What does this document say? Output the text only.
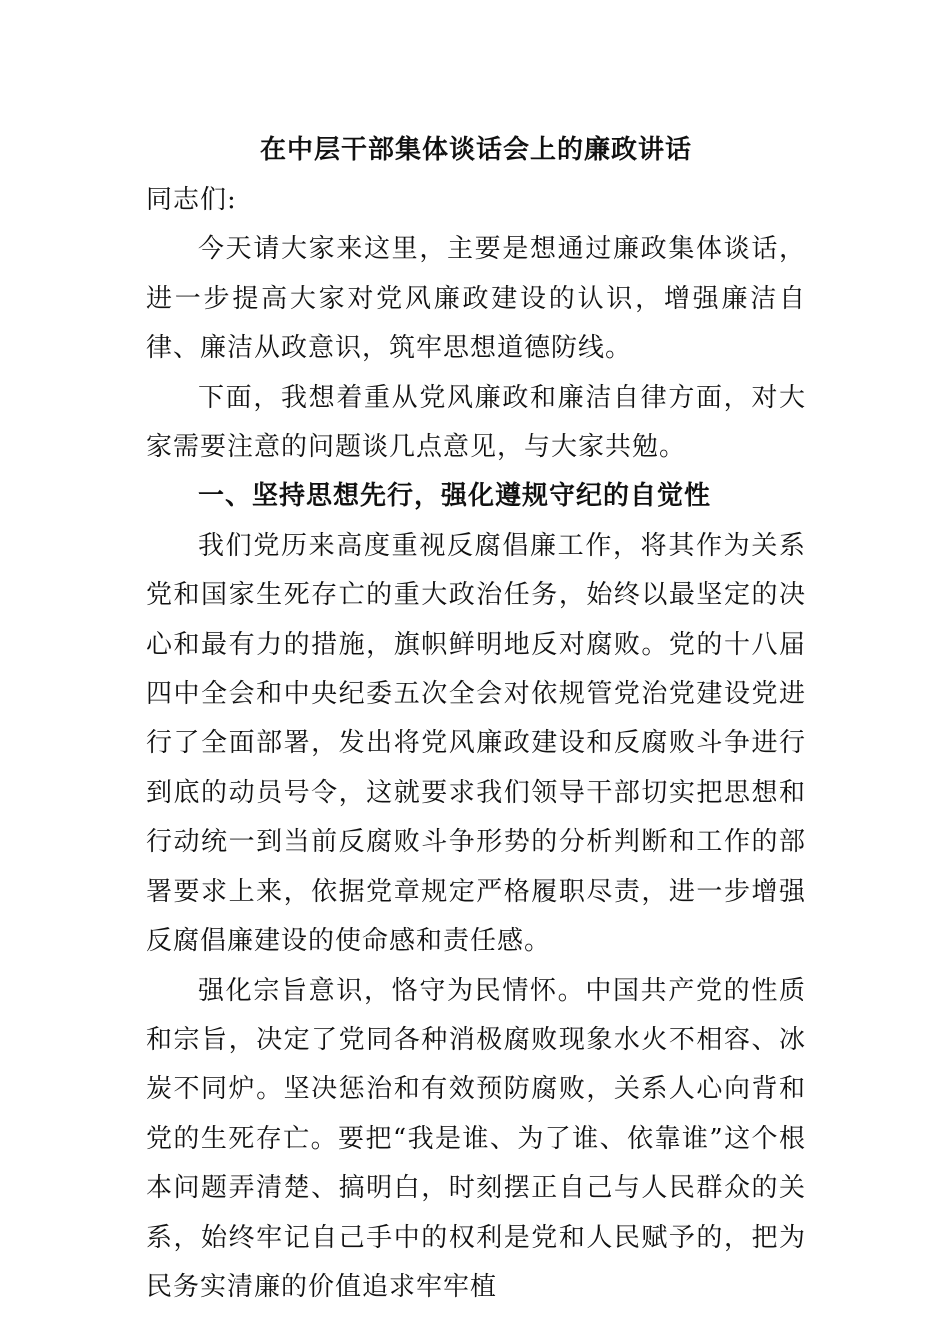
在中层干部集体谈话会上的廉政讲话

同志们:

今天请大家来这里，主要是想通过廉政集体谈话，进一步提高大家对党风廉政建设的认识，增强廉洁自律、廉洁从政意识，筑牢思想道德防线。

下面，我想着重从党风廉政和廉洁自律方面，对大家需要注意的问题谈几点意见，与大家共勉。

一、坚持思想先行，强化遵规守纪的自觉性

我们党历来高度重视反腐倡廉工作，将其作为关系党和国家生死存亡的重大政治任务，始终以最坚定的决心和最有力的措施，旗帜鲜明地反对腐败。党的十八届四中全会和中央纪委五次全会对依规管党治党建设党进行了全面部署，发出将党风廉政建设和反腐败斗争进行到底的动员号令，这就要求我们领导干部切实把思想和行动统一到当前反腐败斗争形势的分析判断和工作的部署要求上来，依据党章规定严格履职尽责，进一步增强反腐倡廉建设的使命感和责任感。

强化宗旨意识，恪守为民情怀。中国共产党的性质和宗旨，决定了党同各种消极腐败现象水火不相容、冰炭不同炉。坚决惩治和有效预防腐败，关系人心向背和党的生死存亡。要把“我是谁、为了谁、依靠谁”这个根本问题弄清楚、搞明白，时刻摆正自己与人民群众的关系，始终牢记自己手中的权利是党和人民赋予的，把为民务实清廉的价值追求牢牢植
